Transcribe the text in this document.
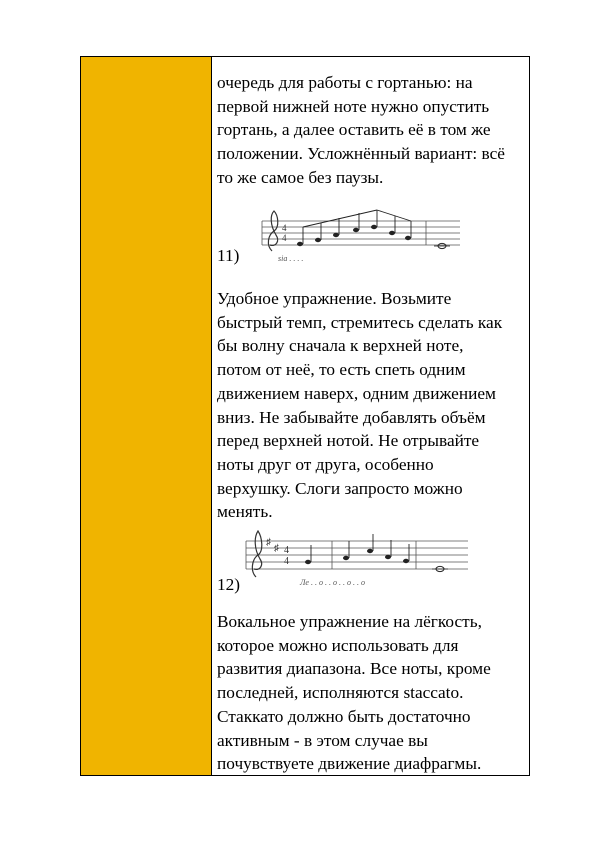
очередь для работы с гортанью: на
первой нижней ноте нужно опустить
гортань, а далее оставить её в том же
положении. Усложнённый вариант: всё
то же самое без паузы.

4
4
ѕіа . . . .

11)

Удобное упражнение. Возьмите
быстрый темп, стремитесь сделать как
бы волну сначала к верхней ноте,
потом от неё, то есть спеть одним
движением наверх, одним движением
вниз. Не забывайте добавлять объём
перед верхней нотой. Не отрывайте
ноты друг от друга, особенно
верхушку. Слоги запросто можно
менять.

♯
♯ 4
4
Ле . . о . . о . . о . . о

12)

Вокальное упражнение на лёгкость,
которое можно использовать для
развития диапазона. Все ноты, кроме
последней, исполняются staccato.
Стаккато должно быть достаточно
активным - в этом случае вы
почувствуете движение диафрагмы.
